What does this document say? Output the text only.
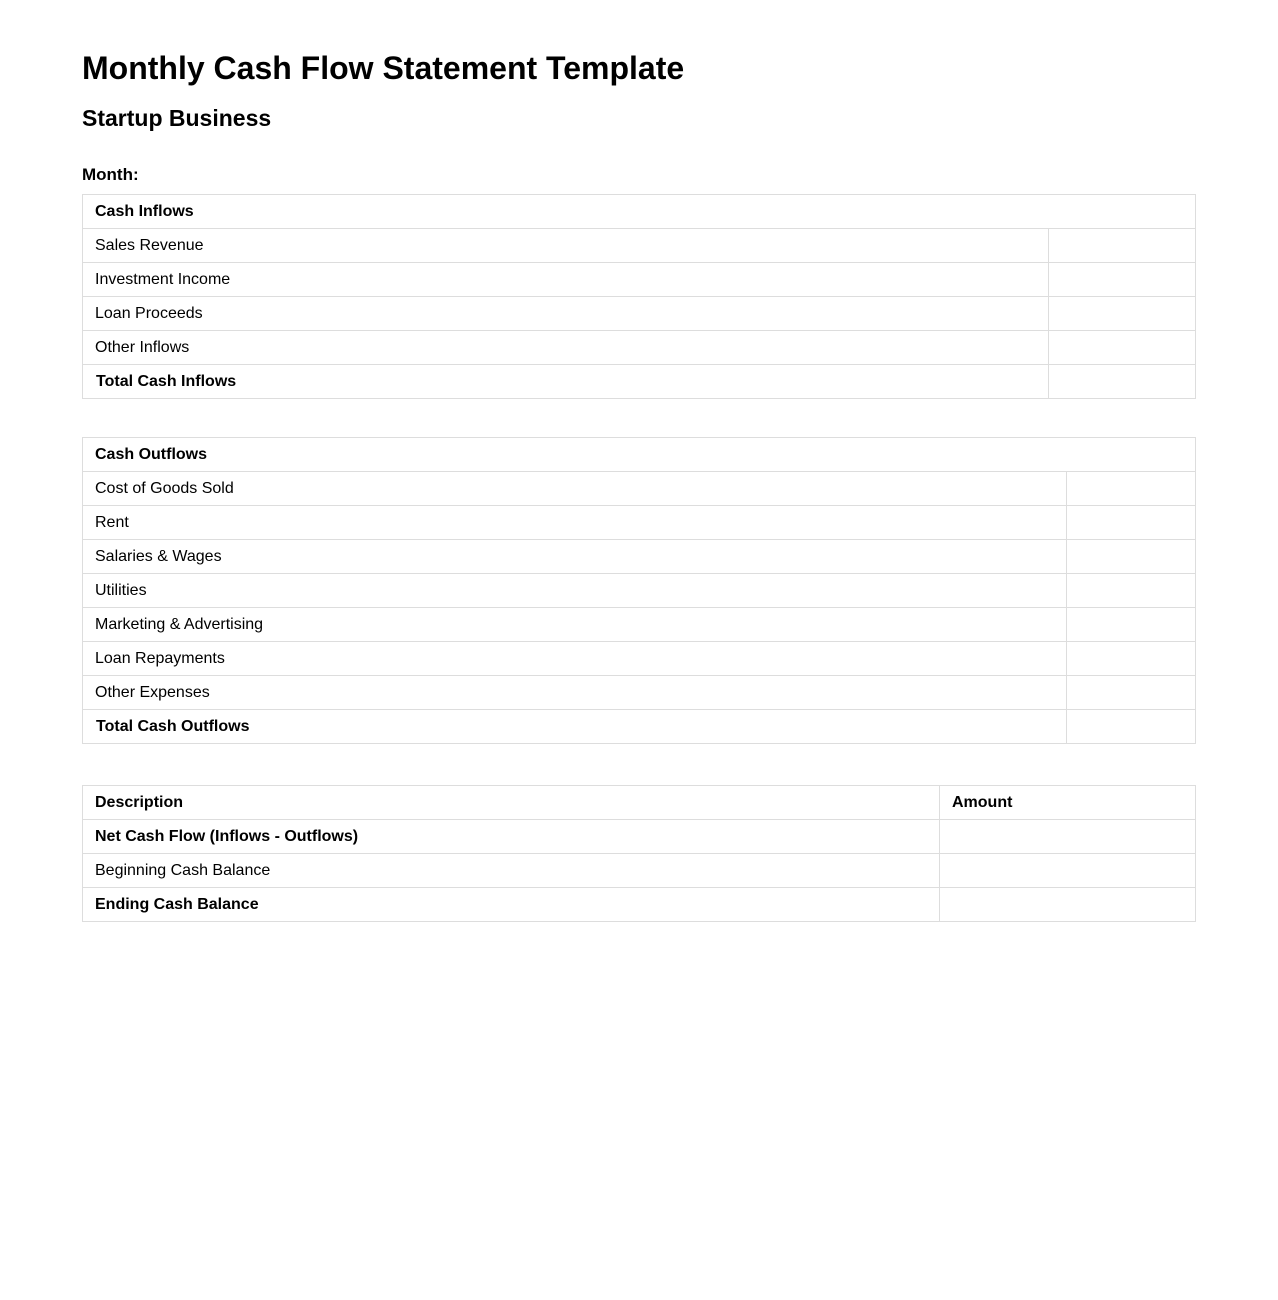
Monthly Cash Flow Statement Template
Startup Business
Month:
Cash Inflows	
Sales Revenue	
Investment Income	
Loan Proceeds	
Other Inflows	
Total Cash Inflows	
Cash Outflows	
Cost of Goods Sold	
Rent	
Salaries & Wages	
Utilities	
Marketing & Advertising	
Loan Repayments	
Other Expenses	
Total Cash Outflows	
Description	Amount
Net Cash Flow (Inflows - Outflows)	
Beginning Cash Balance	
Ending Cash Balance	
